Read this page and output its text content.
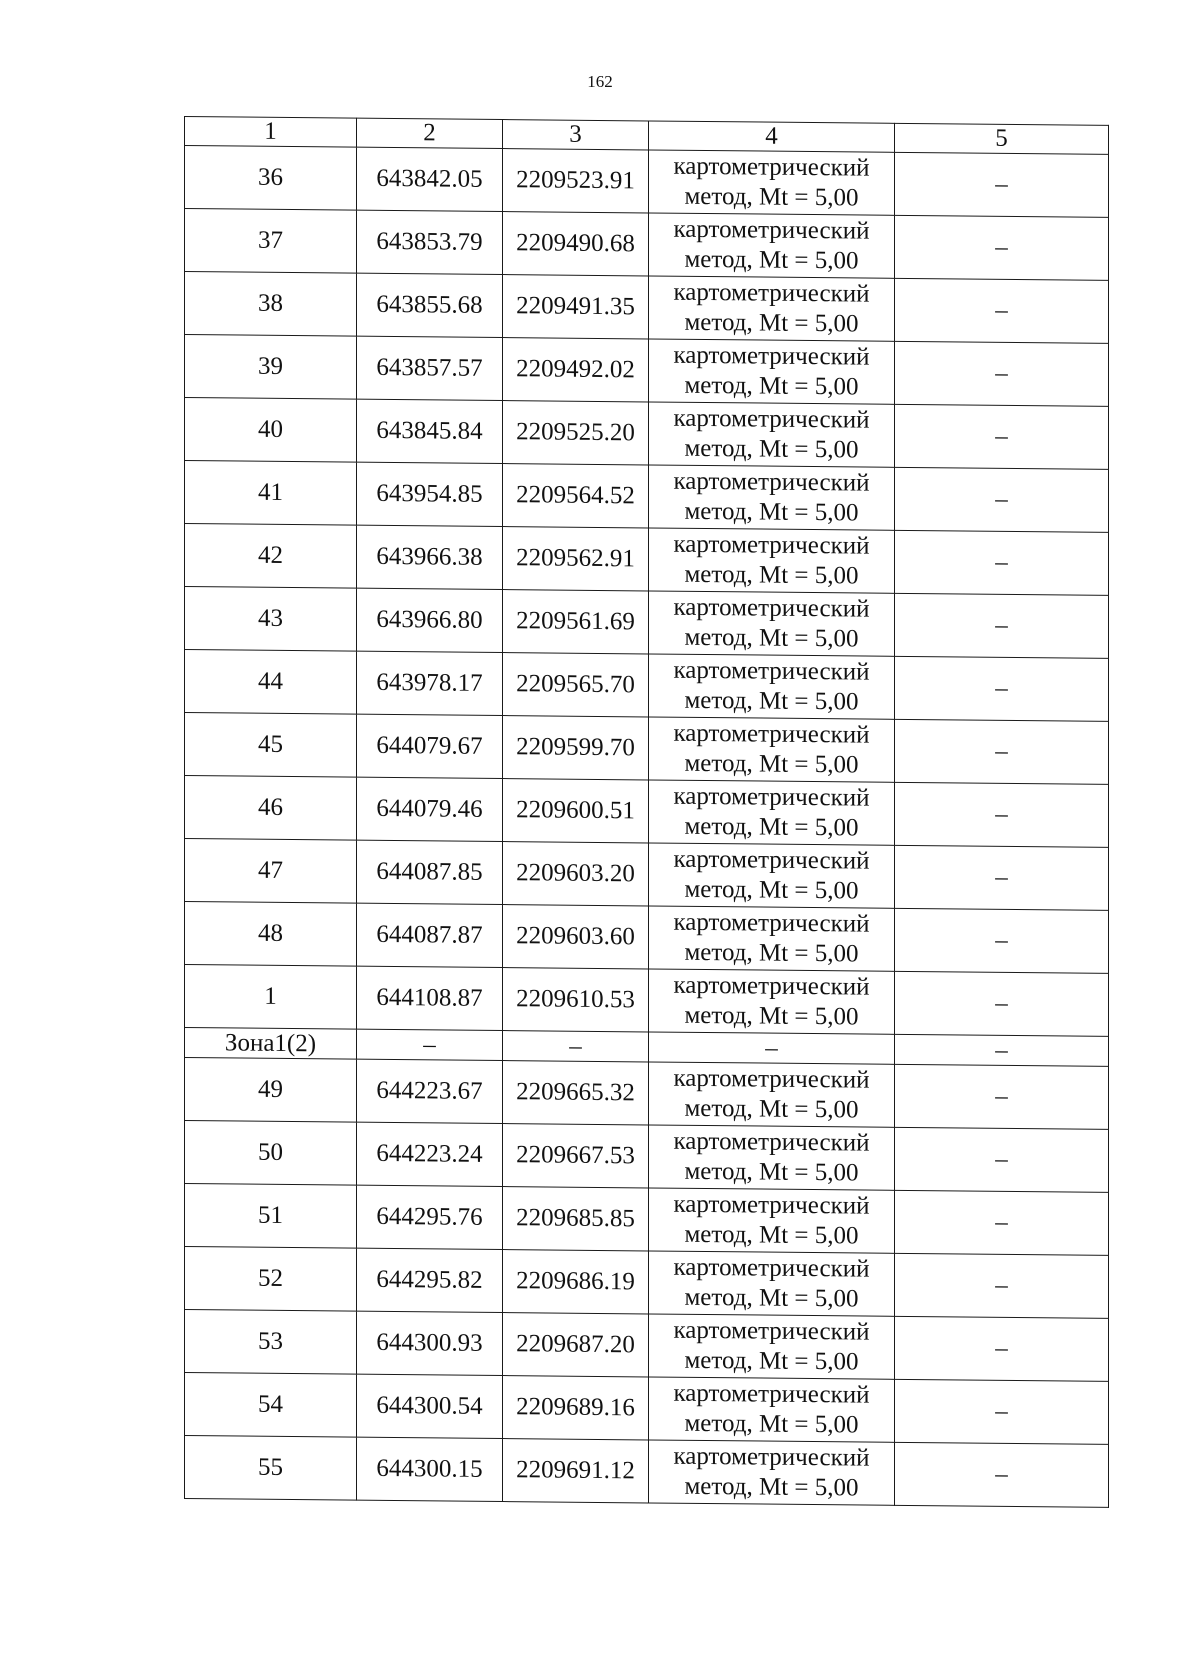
162
1	2	3	4	5
36	643842.05	2209523.91	картометрический
метод, Mt = 5,00	–
37	643853.79	2209490.68	картометрический
метод, Mt = 5,00	–
38	643855.68	2209491.35	картометрический
метод, Mt = 5,00	–
39	643857.57	2209492.02	картометрический
метод, Mt = 5,00	–
40	643845.84	2209525.20	картометрический
метод, Mt = 5,00	–
41	643954.85	2209564.52	картометрический
метод, Mt = 5,00	–
42	643966.38	2209562.91	картометрический
метод, Mt = 5,00	–
43	643966.80	2209561.69	картометрический
метод, Mt = 5,00	–
44	643978.17	2209565.70	картометрический
метод, Mt = 5,00	–
45	644079.67	2209599.70	картометрический
метод, Mt = 5,00	–
46	644079.46	2209600.51	картометрический
метод, Mt = 5,00	–
47	644087.85	2209603.20	картометрический
метод, Mt = 5,00	–
48	644087.87	2209603.60	картометрический
метод, Mt = 5,00	–
1	644108.87	2209610.53	картометрический
метод, Mt = 5,00	–
Зона1(2)	–	–	–	–
49	644223.67	2209665.32	картометрический
метод, Mt = 5,00	–
50	644223.24	2209667.53	картометрический
метод, Mt = 5,00	–
51	644295.76	2209685.85	картометрический
метод, Mt = 5,00	–
52	644295.82	2209686.19	картометрический
метод, Mt = 5,00	–
53	644300.93	2209687.20	картометрический
метод, Mt = 5,00	–
54	644300.54	2209689.16	картометрический
метод, Mt = 5,00	–
55	644300.15	2209691.12	картометрический
метод, Mt = 5,00	–
